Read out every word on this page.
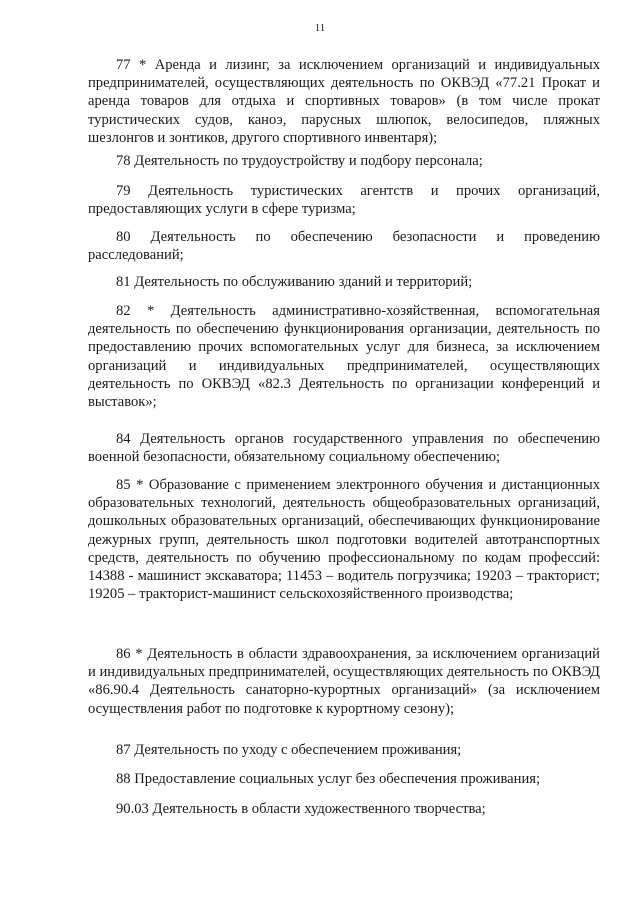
11
77 * Аренда и лизинг, за исключением организаций и индивидуальных предпринимателей, осуществляющих деятельность по ОКВЭД «77.21 Прокат и аренда товаров для отдыха и спортивных товаров» (в том числе прокат туристических судов, каноэ, парусных шлюпок, велосипедов, пляжных шезлонгов и зонтиков, другого спортивного инвентаря);
78 Деятельность по трудоустройству и подбору персонала;
79 Деятельность туристических агентств и прочих организаций, предоставляющих услуги в сфере туризма;
80 Деятельность по обеспечению безопасности и проведению расследований;
81 Деятельность по обслуживанию зданий и территорий;
82 * Деятельность административно-хозяйственная, вспомогательная деятельность по обеспечению функционирования организации, деятельность по предоставлению прочих вспомогательных услуг для бизнеса, за исключением организаций и индивидуальных предпринимателей, осуществляющих деятельность по ОКВЭД «82.3 Деятельность по организации конференций и выставок»;
84 Деятельность органов государственного управления по обеспечению военной безопасности, обязательному социальному обеспечению;
85 * Образование с применением электронного обучения и дистанционных образовательных технологий, деятельность общеобразовательных организаций, дошкольных образовательных организаций, обеспечивающих функционирование дежурных групп, деятельность школ подготовки водителей автотранспортных средств, деятельность по обучению профессиональному по кодам профессий: 14388 - машинист экскаватора; 11453 – водитель погрузчика; 19203 – тракторист; 19205 – тракторист-машинист сельскохозяйственного производства;
86 * Деятельность в области здравоохранения, за исключением организаций и индивидуальных предпринимателей, осуществляющих деятельность по ОКВЭД «86.90.4 Деятельность санаторно-курортных организаций» (за исключением осуществления работ по подготовке к курортному сезону);
87 Деятельность по уходу с обеспечением проживания;
88 Предоставление социальных услуг без обеспечения проживания;
90.03 Деятельность в области художественного творчества;
